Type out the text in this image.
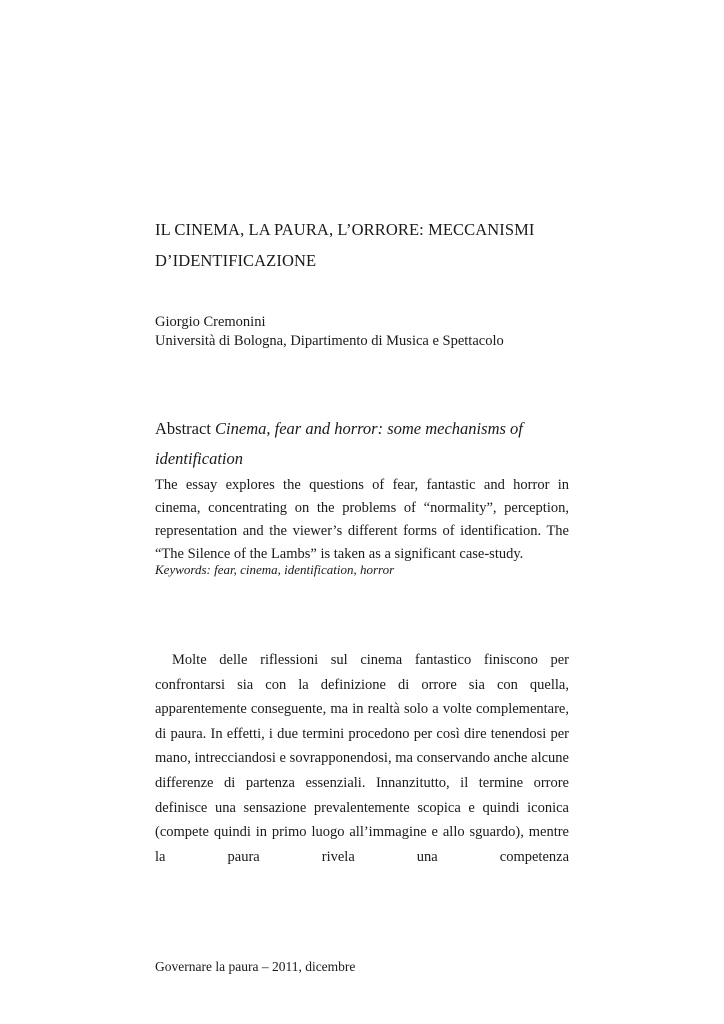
IL CINEMA, LA PAURA, L’ORRORE: MECCANISMI D’IDENTIFICAZIONE
Giorgio Cremonini
Università di Bologna, Dipartimento di Musica e Spettacolo
Abstract Cinema, fear and horror: some mechanisms of identification
The essay explores the questions of fear, fantastic and horror in cinema, concentrating on the problems of “normality”, perception, representation and the viewer’s different forms of identification. The “The Silence of the Lambs” is taken as a significant case-study.
Keywords: fear, cinema, identification, horror
Molte delle riflessioni sul cinema fantastico finiscono per confrontarsi sia con la definizione di orrore sia con quella, apparentemente conseguente, ma in realtà solo a volte complementare, di paura. In effetti, i due termini procedono per così dire tenendosi per mano, intrecciandosi e sovrapponendosi, ma conservando anche alcune differenze di partenza essenziali. Innanzitutto, il termine orrore definisce una sensazione prevalentemente scopica e quindi iconica (compete quindi in primo luogo all’immagine e allo sguardo), mentre la paura rivela una competenza
Governare la paura – 2011, dicembre
